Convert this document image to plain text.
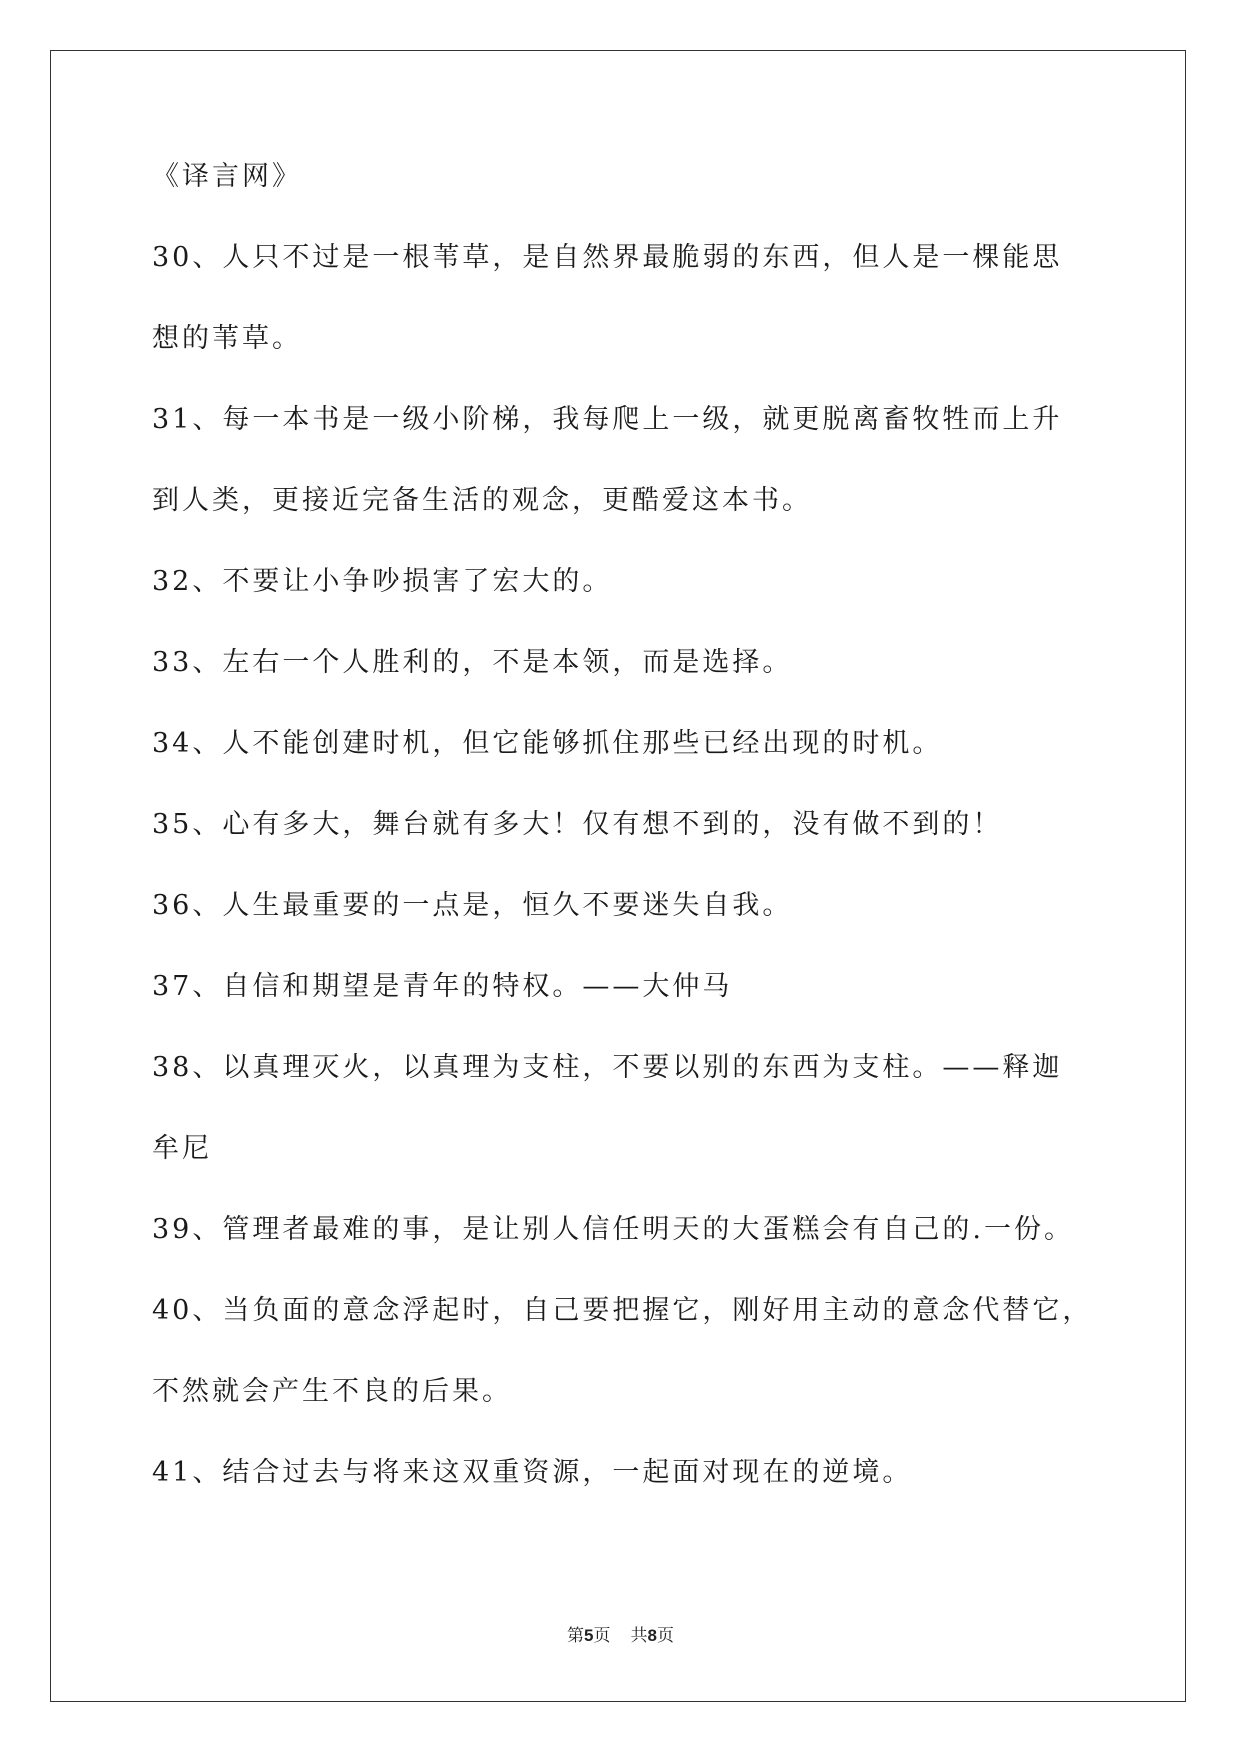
《译言网》
30、人只不过是一根苇草，是自然界最脆弱的东西，但人是一棵能思
想的苇草。
31、每一本书是一级小阶梯，我每爬上一级，就更脱离畜牧牲而上升
到人类，更接近完备生活的观念，更酷爱这本书。
32、不要让小争吵损害了宏大的。
33、左右一个人胜利的，不是本领，而是选择。
34、人不能创建时机，但它能够抓住那些已经出现的时机。
35、心有多大，舞台就有多大！仅有想不到的，没有做不到的！
36、人生最重要的一点是，恒久不要迷失自我。
37、自信和期望是青年的特权。——大仲马
38、以真理灭火，以真理为支柱，不要以别的东西为支柱。——释迦
牟尼
39、管理者最难的事，是让别人信任明天的大蛋糕会有自己的.一份。
40、当负面的意念浮起时，自己要把握它，刚好用主动的意念代替它，
不然就会产生不良的后果。
41、结合过去与将来这双重资源，一起面对现在的逆境。
第5页 共8页
